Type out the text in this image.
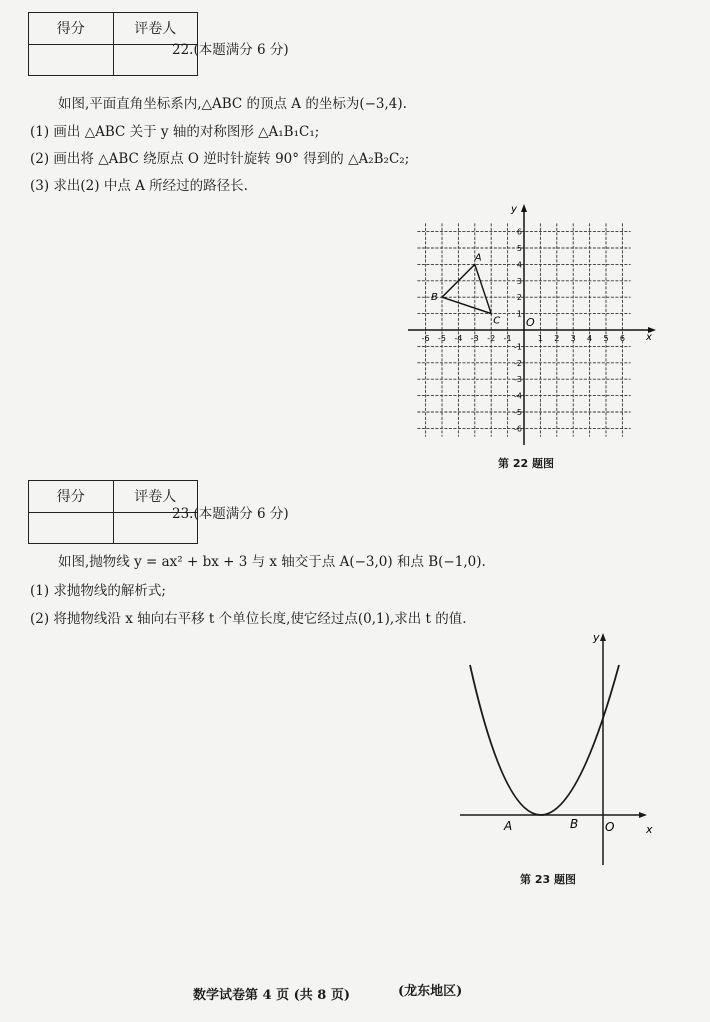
得分	评卷人

22.(本题满分 6 分)
如图,平面直角坐标系内,△ABC 的顶点 A 的坐标为(−3,4).
(1) 画出 △ABC 关于 y 轴的对称图形 △A₁B₁C₁;
(2) 画出将 △ABC 绕原点 O 逆时针旋转 90° 得到的 △A₂B₂C₂;
(3) 求出(2) 中点 A 所经过的路径长.
-6 -5 -4 -3 -2 -1	1 2 3 4 5 6
6
5
4
3
2
1
-1
-2
-3
-4
-5
-6
A
B
C
x
y
O
第 22 题图
得分	评卷人

23.(本题满分 6 分)
如图,抛物线 y = ax² + bx + 3 与 x 轴交于点 A(−3,0) 和点 B(−1,0).
(1) 求抛物线的解析式;
(2) 将抛物线沿 x 轴向右平移 t 个单位长度,使它经过点(0,1),求出 t 的值.
x
y
O
A	B
第 23 题图
数学试卷第 4 页 (共 8 页)	(龙东地区)
